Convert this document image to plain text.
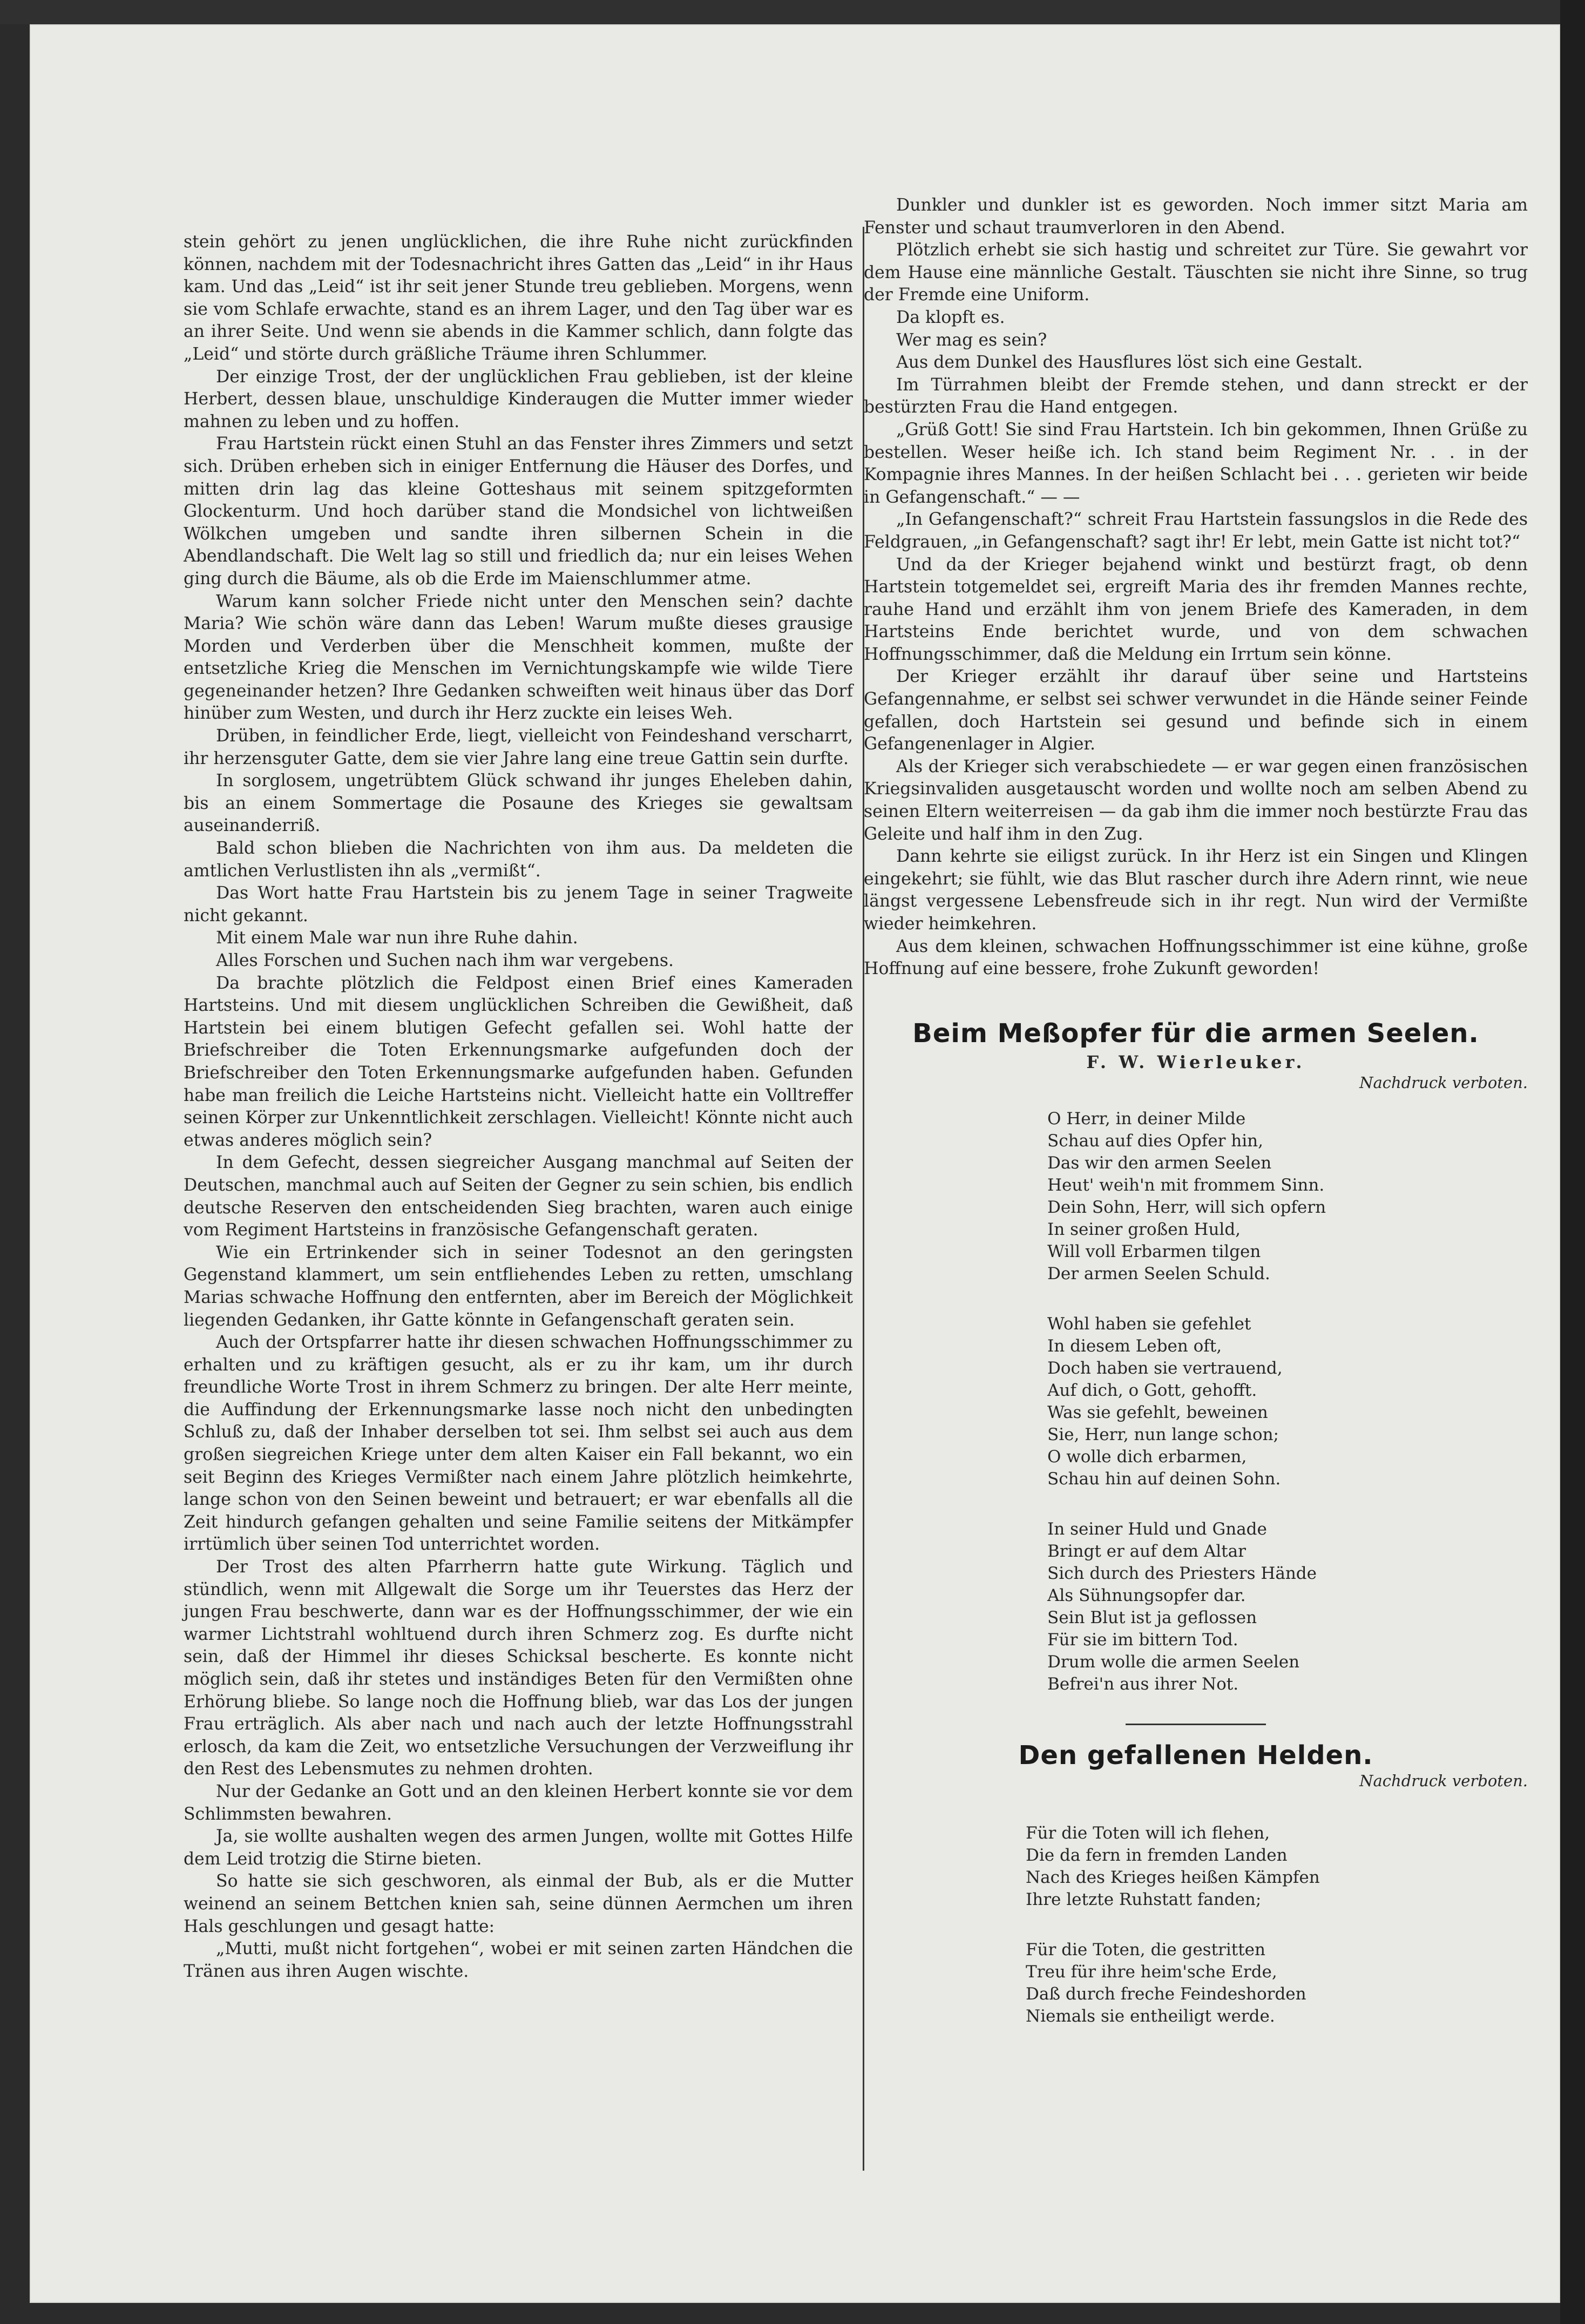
stein gehört zu jenen unglücklichen, die ihre Ruhe nicht zurückfinden können, nachdem mit der Todesnachricht ihres Gatten das „Leid“ in ihr Haus kam. Und das „Leid“ ist ihr seit jener Stunde treu geblieben. Morgens, wenn sie vom Schlafe erwachte, stand es an ihrem Lager, und den Tag über war es an ihrer Seite. Und wenn sie abends in die Kammer schlich, dann folgte das „Leid“ und störte durch gräßliche Träume ihren Schlummer.

Der einzige Trost, der der unglücklichen Frau geblieben, ist der kleine Herbert, dessen blaue, unschuldige Kinderaugen die Mutter immer wieder mahnen zu leben und zu hoffen.

Frau Hartstein rückt einen Stuhl an das Fenster ihres Zimmers und setzt sich. Drüben erheben sich in einiger Entfernung die Häuser des Dorfes, und mitten drin lag das kleine Gotteshaus mit seinem spitzgeformten Glockenturm. Und hoch darüber stand die Mondsichel von lichtweißen Wölkchen umgeben und sandte ihren silbernen Schein in die Abendlandschaft. Die Welt lag so still und friedlich da; nur ein leises Wehen ging durch die Bäume, als ob die Erde im Maienschlummer atme.

Warum kann solcher Friede nicht unter den Menschen sein? dachte Maria? Wie schön wäre dann das Leben! Warum mußte dieses grausige Morden und Verderben über die Menschheit kommen, mußte der entsetzliche Krieg die Menschen im Vernichtungskampfe wie wilde Tiere gegeneinander hetzen? Ihre Gedanken schweiften weit hinaus über das Dorf hinüber zum Westen, und durch ihr Herz zuckte ein leises Weh.

Drüben, in feindlicher Erde, liegt, vielleicht von Feindeshand verscharrt, ihr herzensguter Gatte, dem sie vier Jahre lang eine treue Gattin sein durfte.

In sorglosem, ungetrübtem Glück schwand ihr junges Eheleben dahin, bis an einem Sommertage die Posaune des Krieges sie gewaltsam auseinanderriß.

Bald schon blieben die Nachrichten von ihm aus. Da meldeten die amtlichen Verlustlisten ihn als „vermißt“.

Das Wort hatte Frau Hartstein bis zu jenem Tage in seiner Tragweite nicht gekannt.

Mit einem Male war nun ihre Ruhe dahin.

Alles Forschen und Suchen nach ihm war vergebens.

Da brachte plötzlich die Feldpost einen Brief eines Kameraden Hartsteins. Und mit diesem unglücklichen Schreiben die Gewißheit, daß Hartstein bei einem blutigen Gefecht gefallen sei. Wohl hatte der Briefschreiber die Toten Erkennungsmarke aufgefunden doch der Briefschreiber den Toten Erkennungsmarke aufgefunden haben. Gefunden habe man freilich die Leiche Hartsteins nicht. Vielleicht hatte ein Volltreffer seinen Körper zur Unkenntlichkeit zerschlagen. Vielleicht! Könnte nicht auch etwas anderes möglich sein?

In dem Gefecht, dessen siegreicher Ausgang manchmal auf Seiten der Deutschen, manchmal auch auf Seiten der Gegner zu sein schien, bis endlich deutsche Reserven den entscheidenden Sieg brachten, waren auch einige vom Regiment Hartsteins in französische Gefangenschaft geraten.

Wie ein Ertrinkender sich in seiner Todesnot an den geringsten Gegenstand klammert, um sein entfliehendes Leben zu retten, umschlang Marias schwache Hoffnung den entfernten, aber im Bereich der Möglichkeit liegenden Gedanken, ihr Gatte könnte in Gefangenschaft geraten sein.

Auch der Ortspfarrer hatte ihr diesen schwachen Hoffnungsschimmer zu erhalten und zu kräftigen gesucht, als er zu ihr kam, um ihr durch freundliche Worte Trost in ihrem Schmerz zu bringen. Der alte Herr meinte, die Auffindung der Erkennungsmarke lasse noch nicht den unbedingten Schluß zu, daß der Inhaber derselben tot sei. Ihm selbst sei auch aus dem großen siegreichen Kriege unter dem alten Kaiser ein Fall bekannt, wo ein seit Beginn des Krieges Vermißter nach einem Jahre plötzlich heimkehrte, lange schon von den Seinen beweint und betrauert; er war ebenfalls all die Zeit hindurch gefangen gehalten und seine Familie seitens der Mitkämpfer irrtümlich über seinen Tod unterrichtet worden.

Der Trost des alten Pfarrherrn hatte gute Wirkung. Täglich und stündlich, wenn mit Allgewalt die Sorge um ihr Teuerstes das Herz der jungen Frau beschwerte, dann war es der Hoffnungsschimmer, der wie ein warmer Lichtstrahl wohltuend durch ihren Schmerz zog. Es durfte nicht sein, daß der Himmel ihr dieses Schicksal bescherte. Es konnte nicht möglich sein, daß ihr stetes und inständiges Beten für den Vermißten ohne Erhörung bliebe. So lange noch die Hoffnung blieb, war das Los der jungen Frau erträglich. Als aber nach und nach auch der letzte Hoffnungsstrahl erlosch, da kam die Zeit, wo entsetzliche Versuchungen der Verzweiflung ihr den Rest des Lebensmutes zu nehmen drohten.

Nur der Gedanke an Gott und an den kleinen Herbert konnte sie vor dem Schlimmsten bewahren.

Ja, sie wollte aushalten wegen des armen Jungen, wollte mit Gottes Hilfe dem Leid trotzig die Stirne bieten.

So hatte sie sich geschworen, als einmal der Bub, als er die Mutter weinend an seinem Bettchen knien sah, seine dünnen Aermchen um ihren Hals geschlungen und gesagt hatte:

„Mutti, mußt nicht fortgehen“, wobei er mit seinen zarten Händchen die Tränen aus ihren Augen wischte.

Dunkler und dunkler ist es geworden. Noch immer sitzt Maria am Fenster und schaut traumverloren in den Abend.

Plötzlich erhebt sie sich hastig und schreitet zur Türe. Sie gewahrt vor dem Hause eine männliche Gestalt. Täuschten sie nicht ihre Sinne, so trug der Fremde eine Uniform.

Da klopft es.

Wer mag es sein?

Aus dem Dunkel des Hausflures löst sich eine Gestalt.

Im Türrahmen bleibt der Fremde stehen, und dann streckt er der bestürzten Frau die Hand entgegen.

„Grüß Gott! Sie sind Frau Hartstein. Ich bin gekommen, Ihnen Grüße zu bestellen. Weser heiße ich. Ich stand beim Regiment Nr. . . in der Kompagnie ihres Mannes. In der heißen Schlacht bei . . . gerieten wir beide in Gefangenschaft.“ — —

„In Gefangenschaft?“ schreit Frau Hartstein fassungslos in die Rede des Feldgrauen, „in Gefangenschaft? sagt ihr! Er lebt, mein Gatte ist nicht tot?“

Und da der Krieger bejahend winkt und bestürzt fragt, ob denn Hartstein totgemeldet sei, ergreift Maria des ihr fremden Mannes rechte, rauhe Hand und erzählt ihm von jenem Briefe des Kameraden, in dem Hartsteins Ende berichtet wurde, und von dem schwachen Hoffnungsschimmer, daß die Meldung ein Irrtum sein könne.

Der Krieger erzählt ihr darauf über seine und Hartsteins Gefangennahme, er selbst sei schwer verwundet in die Hände seiner Feinde gefallen, doch Hartstein sei gesund und befinde sich in einem Gefangenenlager in Algier.

Als der Krieger sich verabschiedete — er war gegen einen französischen Kriegsinvaliden ausgetauscht worden und wollte noch am selben Abend zu seinen Eltern weiterreisen — da gab ihm die immer noch bestürzte Frau das Geleite und half ihm in den Zug.

Dann kehrte sie eiligst zurück. In ihr Herz ist ein Singen und Klingen eingekehrt; sie fühlt, wie das Blut rascher durch ihre Adern rinnt, wie neue längst vergessene Lebensfreude sich in ihr regt. Nun wird der Vermißte wieder heimkehren.

Aus dem kleinen, schwachen Hoffnungsschimmer ist eine kühne, große Hoffnung auf eine bessere, frohe Zukunft geworden!

Beim Meßopfer für die armen Seelen.

F. W. Wierleuker.

Nachdruck verboten.

O Herr, in deiner Milde
Schau auf dies Opfer hin,
Das wir den armen Seelen
Heut' weih'n mit frommem Sinn.
Dein Sohn, Herr, will sich opfern
In seiner großen Huld,
Will voll Erbarmen tilgen
Der armen Seelen Schuld.
Wohl haben sie gefehlet
In diesem Leben oft,
Doch haben sie vertrauend,
Auf dich, o Gott, gehofft.
Was sie gefehlt, beweinen
Sie, Herr, nun lange schon;
O wolle dich erbarmen,
Schau hin auf deinen Sohn.
In seiner Huld und Gnade
Bringt er auf dem Altar
Sich durch des Priesters Hände
Als Sühnungsopfer dar.
Sein Blut ist ja geflossen
Für sie im bittern Tod.
Drum wolle die armen Seelen
Befrei'n aus ihrer Not.
Den gefallenen Helden.

Nachdruck verboten.

Für die Toten will ich flehen,
Die da fern in fremden Landen
Nach des Krieges heißen Kämpfen
Ihre letzte Ruhstatt fanden;
Für die Toten, die gestritten
Treu für ihre heim'sche Erde,
Daß durch freche Feindeshorden
Niemals sie entheiligt werde.
